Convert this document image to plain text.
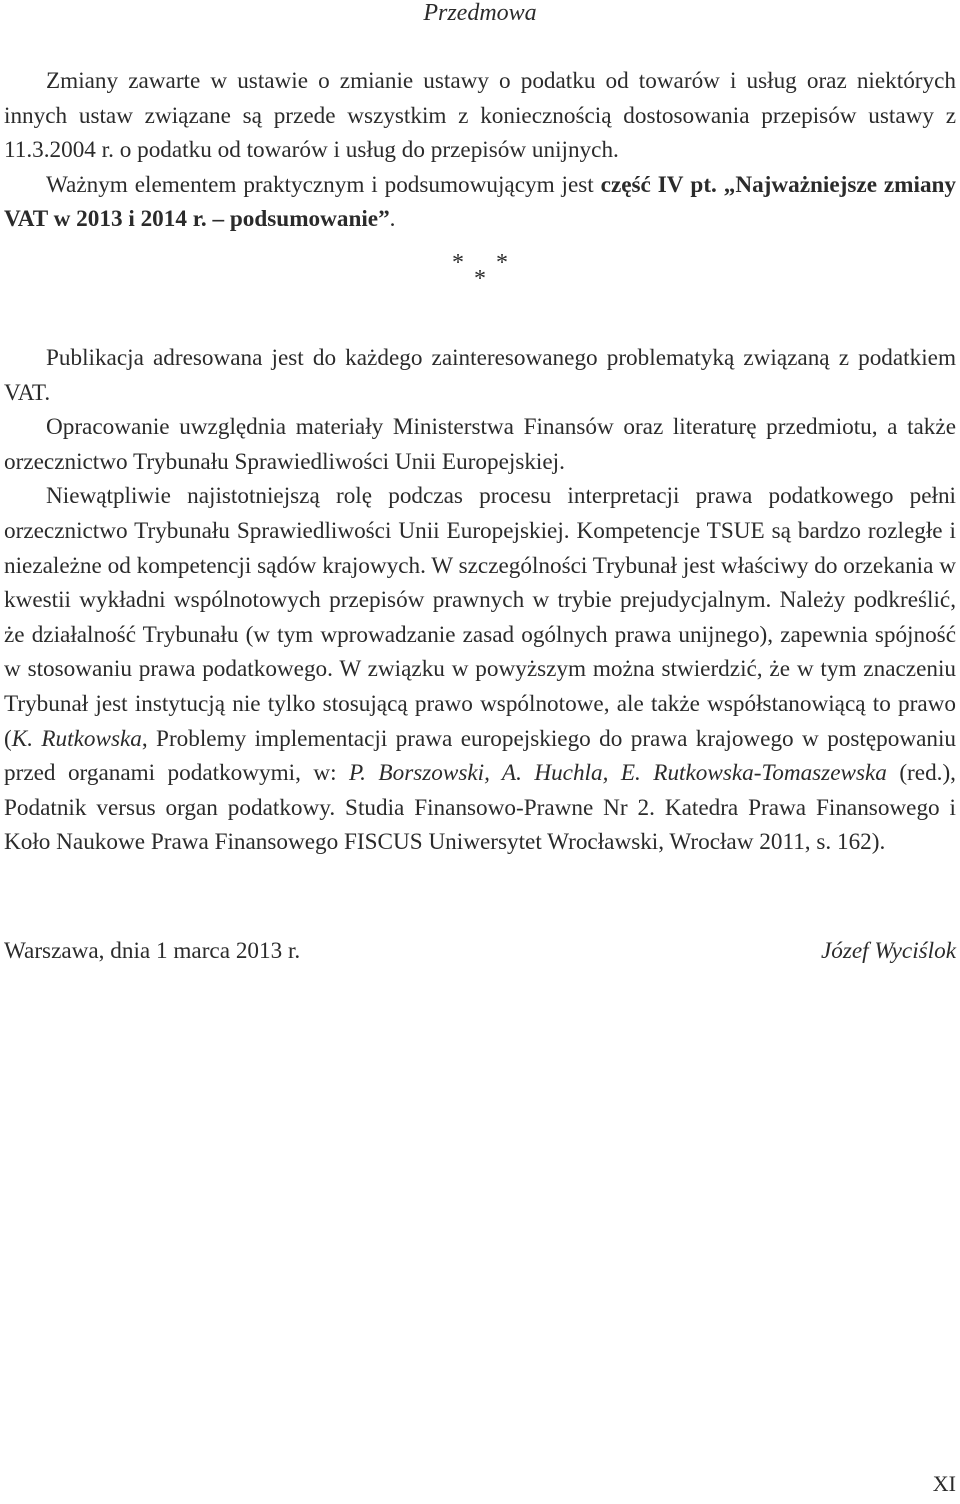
Przedmowa

Zmiany zawarte w ustawie o zmianie ustawy o podatku od towarów i usług oraz niektórych innych ustaw związane są przede wszystkim z koniecznością dostosowania przepisów ustawy z 11.3.2004 r. o podatku od towarów i usług do przepisów unijnych.

Ważnym elementem praktycznym i podsumowującym jest część IV pt. „Najważniejsze zmiany VAT w 2013 i 2014 r. – podsumowanie”.

*
*
*

Publikacja adresowana jest do każdego zainteresowanego problematyką związaną z podatkiem VAT.

Opracowanie uwzględnia materiały Ministerstwa Finansów oraz literaturę przedmiotu, a także orzecznictwo Trybunału Sprawiedliwości Unii Europejskiej.

Niewątpliwie najistotniejszą rolę podczas procesu interpretacji prawa podatkowego pełni orzecznictwo Trybunału Sprawiedliwości Unii Europejskiej. Kompetencje TSUE są bardzo rozległe i niezależne od kompetencji sądów krajowych. W szczególności Trybunał jest właściwy do orzekania w kwestii wykładni wspólnotowych przepisów prawnych w trybie prejudycjalnym. Należy podkreślić, że działalność Trybunału (w tym wprowadzanie zasad ogólnych prawa unijnego), zapewnia spójność w stosowaniu prawa podatkowego. W związku w powyższym można stwierdzić, że w tym znaczeniu Trybunał jest instytucją nie tylko stosującą prawo wspólnotowe, ale także współstanowiącą to prawo (K. Rutkowska, Problemy implementacji prawa europejskiego do prawa krajowego w postępowaniu przed organami podatkowymi, w: P. Borszowski, A. Huchla, E. Rutkowska-Tomaszewska (red.), Podatnik versus organ podatkowy. Studia Finansowo-Prawne Nr 2. Katedra Prawa Finansowego i Koło Naukowe Prawa Finansowego FISCUS Uniwersytet Wrocławski, Wrocław 2011, s. 162).

Warszawa, dnia 1 marca 2013 r.	Józef Wyciślok
XI
